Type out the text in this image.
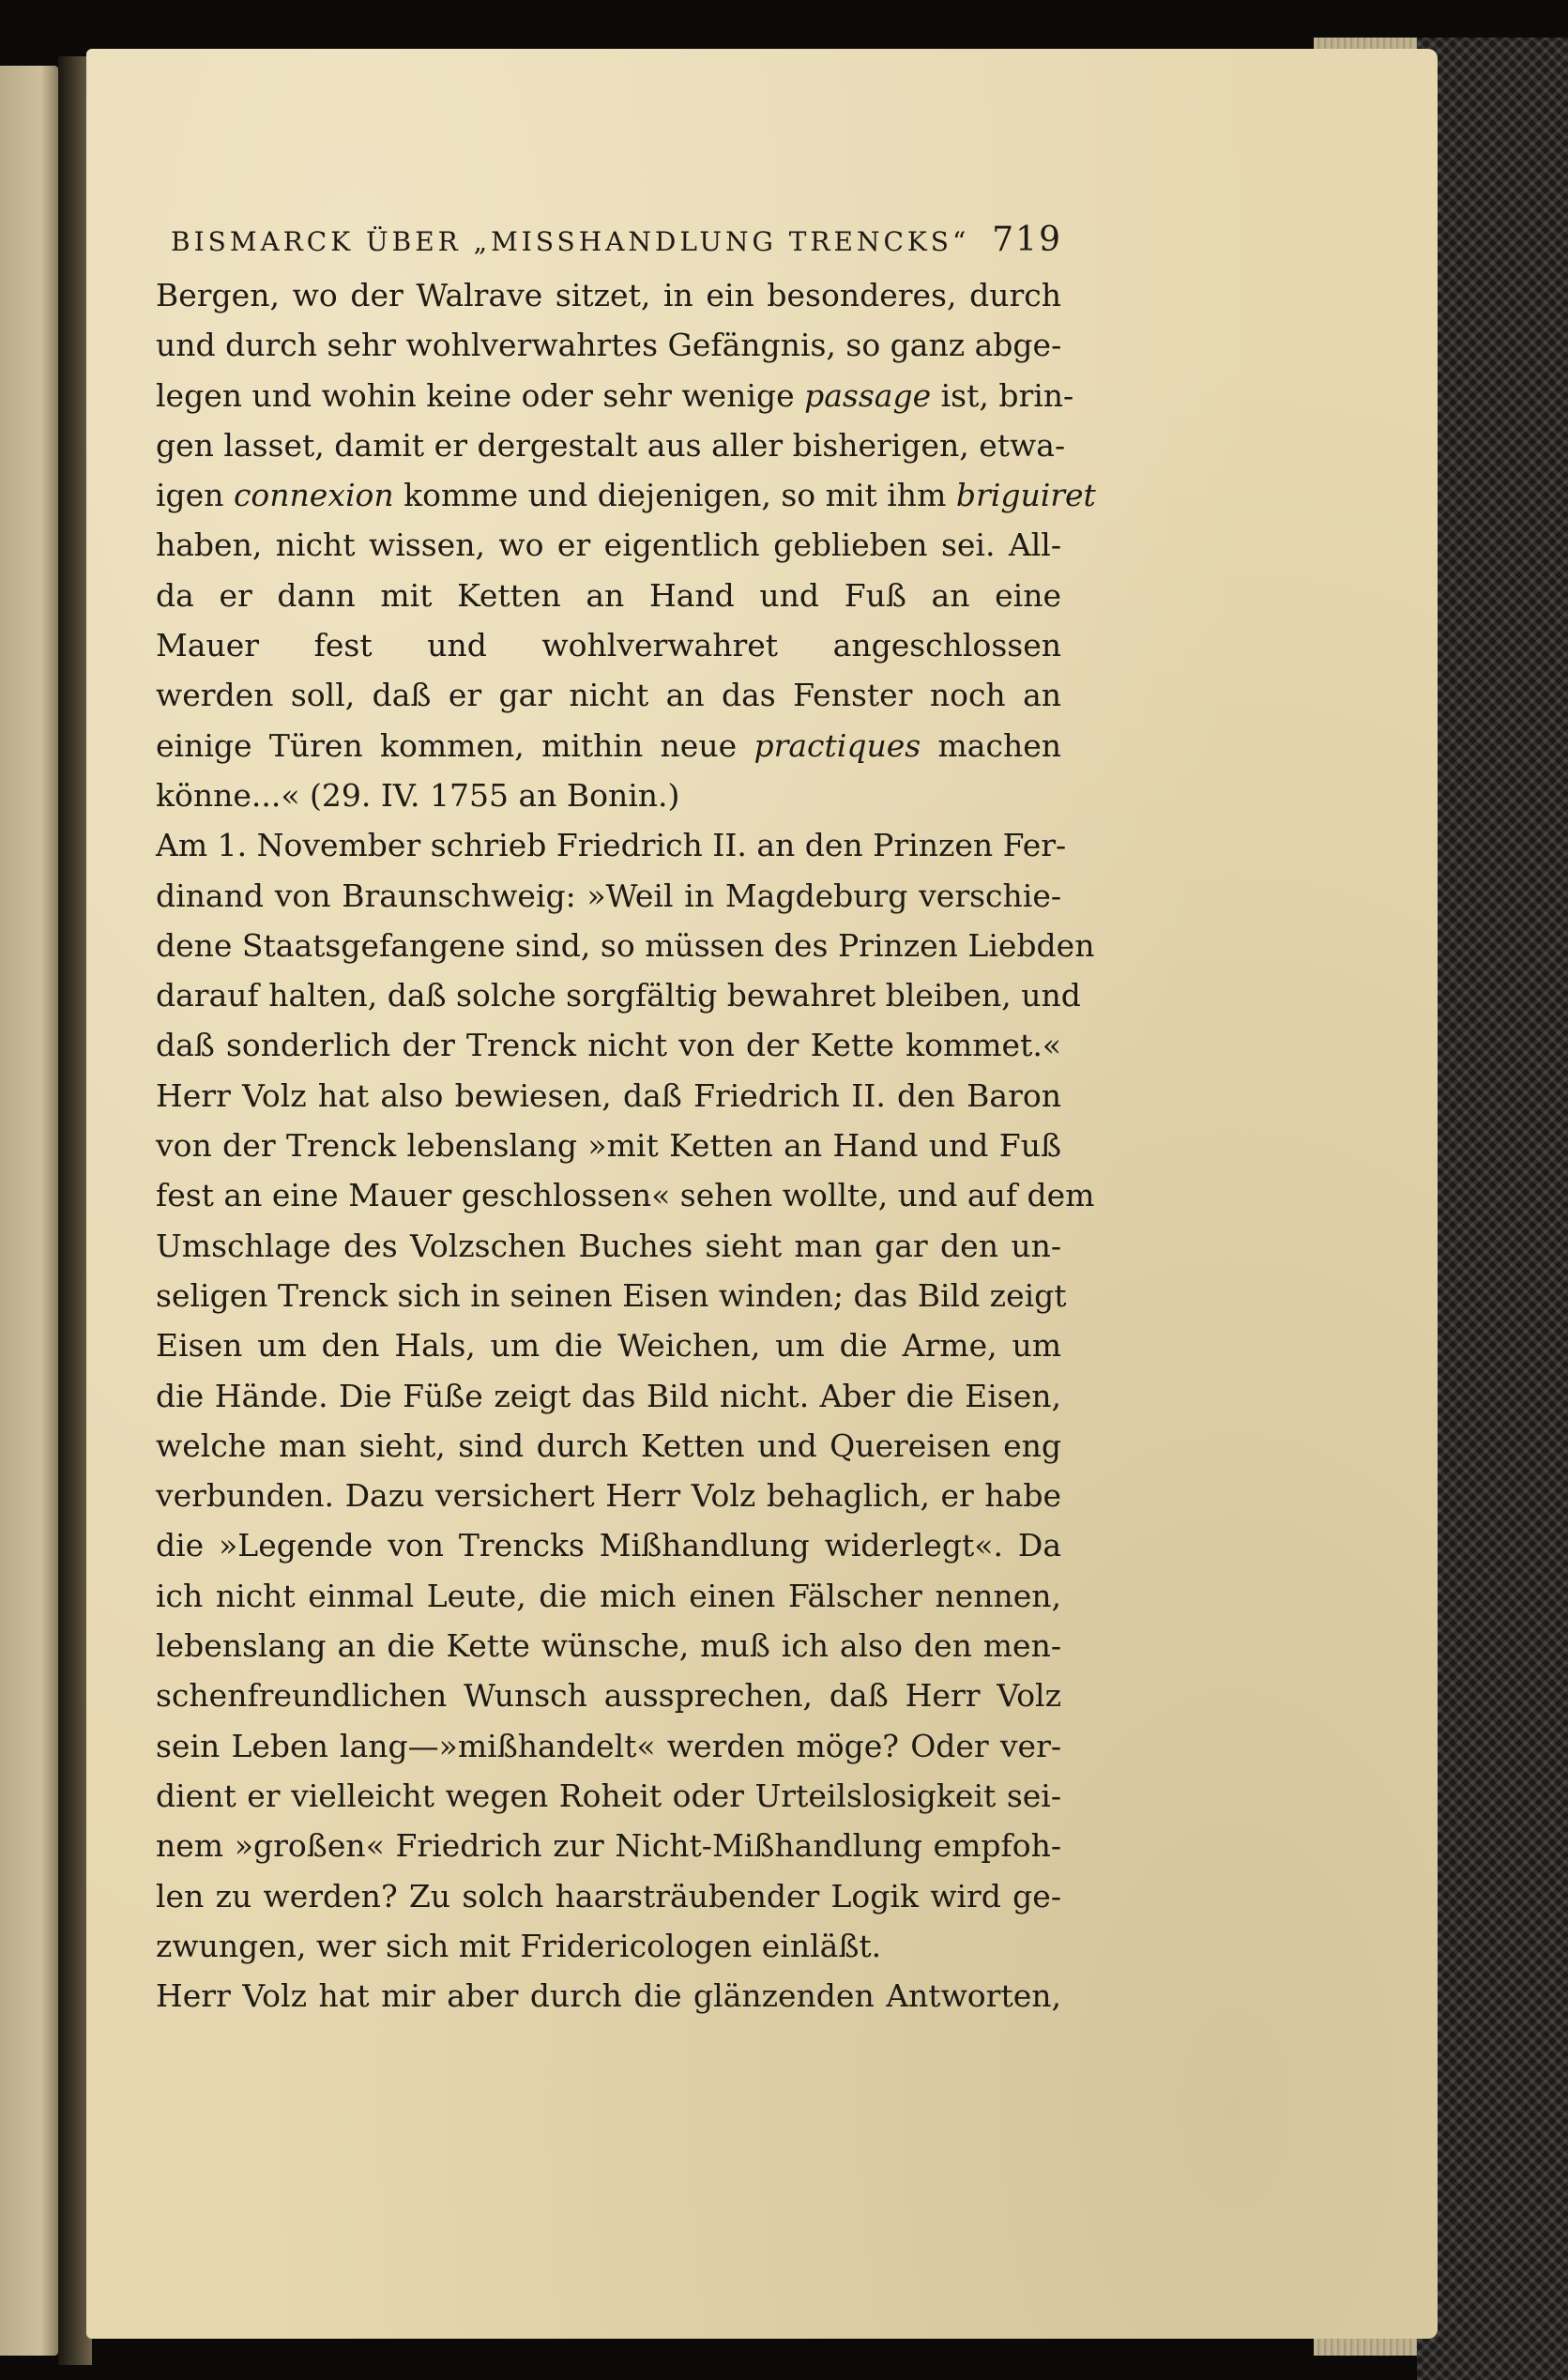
BISMARCK ÜBER „MISSHANDLUNG TRENCKS“ 719
Bergen, wo der Walrave sitzet, in ein besonderes, durch
und durch sehr wohlverwahrtes Gefängnis, so ganz abge-
legen und wohin keine oder sehr wenige passage ist, brin-
gen lasset, damit er dergestalt aus aller bisherigen, etwa-
igen connexion komme und diejenigen, so mit ihm briguiret
haben, nicht wissen, wo er eigentlich geblieben sei. All-
da er dann mit Ketten an Hand und Fuß an eine
Mauer fest und wohlverwahret angeschlossen
werden soll, daß er gar nicht an das Fenster noch an
einige Türen kommen, mithin neue practiques machen
könne...« (29. IV. 1755 an Bonin.)
Am 1. November schrieb Friedrich II. an den Prinzen Fer-
dinand von Braunschweig: »Weil in Magdeburg verschie-
dene Staatsgefangene sind, so müssen des Prinzen Liebden
darauf halten, daß solche sorgfältig bewahret bleiben, und
daß sonderlich der Trenck nicht von der Kette kommet.«
Herr Volz hat also bewiesen, daß Friedrich II. den Baron
von der Trenck lebenslang »mit Ketten an Hand und Fuß
fest an eine Mauer geschlossen« sehen wollte, und auf dem
Umschlage des Volzschen Buches sieht man gar den un-
seligen Trenck sich in seinen Eisen winden; das Bild zeigt
Eisen um den Hals, um die Weichen, um die Arme, um
die Hände. Die Füße zeigt das Bild nicht. Aber die Eisen,
welche man sieht, sind durch Ketten und Quereisen eng
verbunden. Dazu versichert Herr Volz behaglich, er habe
die »Legende von Trencks Mißhandlung widerlegt«. Da
ich nicht einmal Leute, die mich einen Fälscher nennen,
lebenslang an die Kette wünsche, muß ich also den men-
schenfreundlichen Wunsch aussprechen, daß Herr Volz
sein Leben lang—»mißhandelt« werden möge? Oder ver-
dient er vielleicht wegen Roheit oder Urteilslosigkeit sei-
nem »großen« Friedrich zur Nicht-Mißhandlung empfoh-
len zu werden? Zu solch haarsträubender Logik wird ge-
zwungen, wer sich mit Fridericologen einläßt.
Herr Volz hat mir aber durch die glänzenden Antworten,
